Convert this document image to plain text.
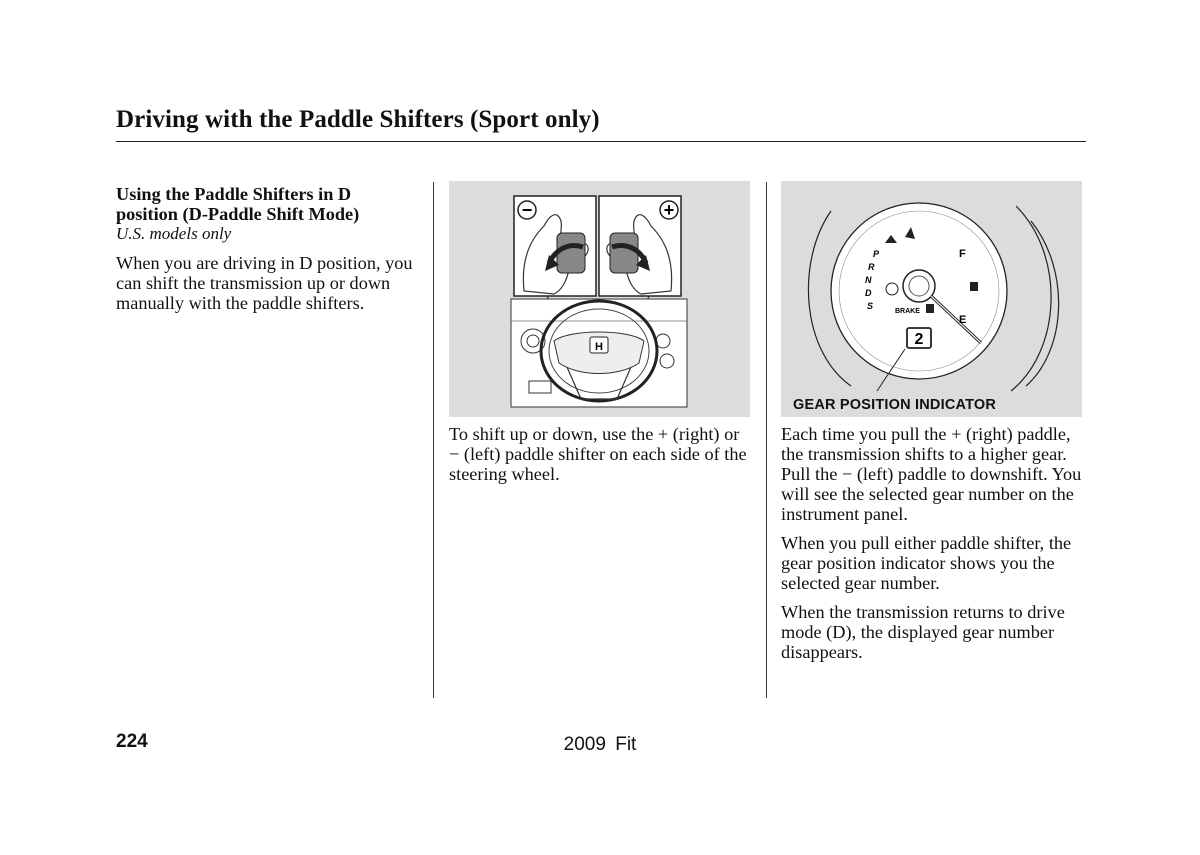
Driving with the Paddle Shifters (Sport only)
Using the Paddle Shifters in D position (D-Paddle Shift Mode)
U.S. models only

When you are driving in D position, you can shift the transmission up or down manually with the paddle shifters.

−	+
H

To shift up or down, use the + (right) or − (left) paddle shifter on each side of the steering wheel.

P
R
N
D
S
F
E
BRAKE
2
GEAR POSITION INDICATOR

Each time you pull the + (right) paddle, the transmission shifts to a higher gear. Pull the − (left) paddle to downshift. You will see the selected gear number on the instrument panel.

When you pull either paddle shifter, the gear position indicator shows you the selected gear number.

When the transmission returns to drive mode (D), the displayed gear number disappears.

224	2009 Fit
